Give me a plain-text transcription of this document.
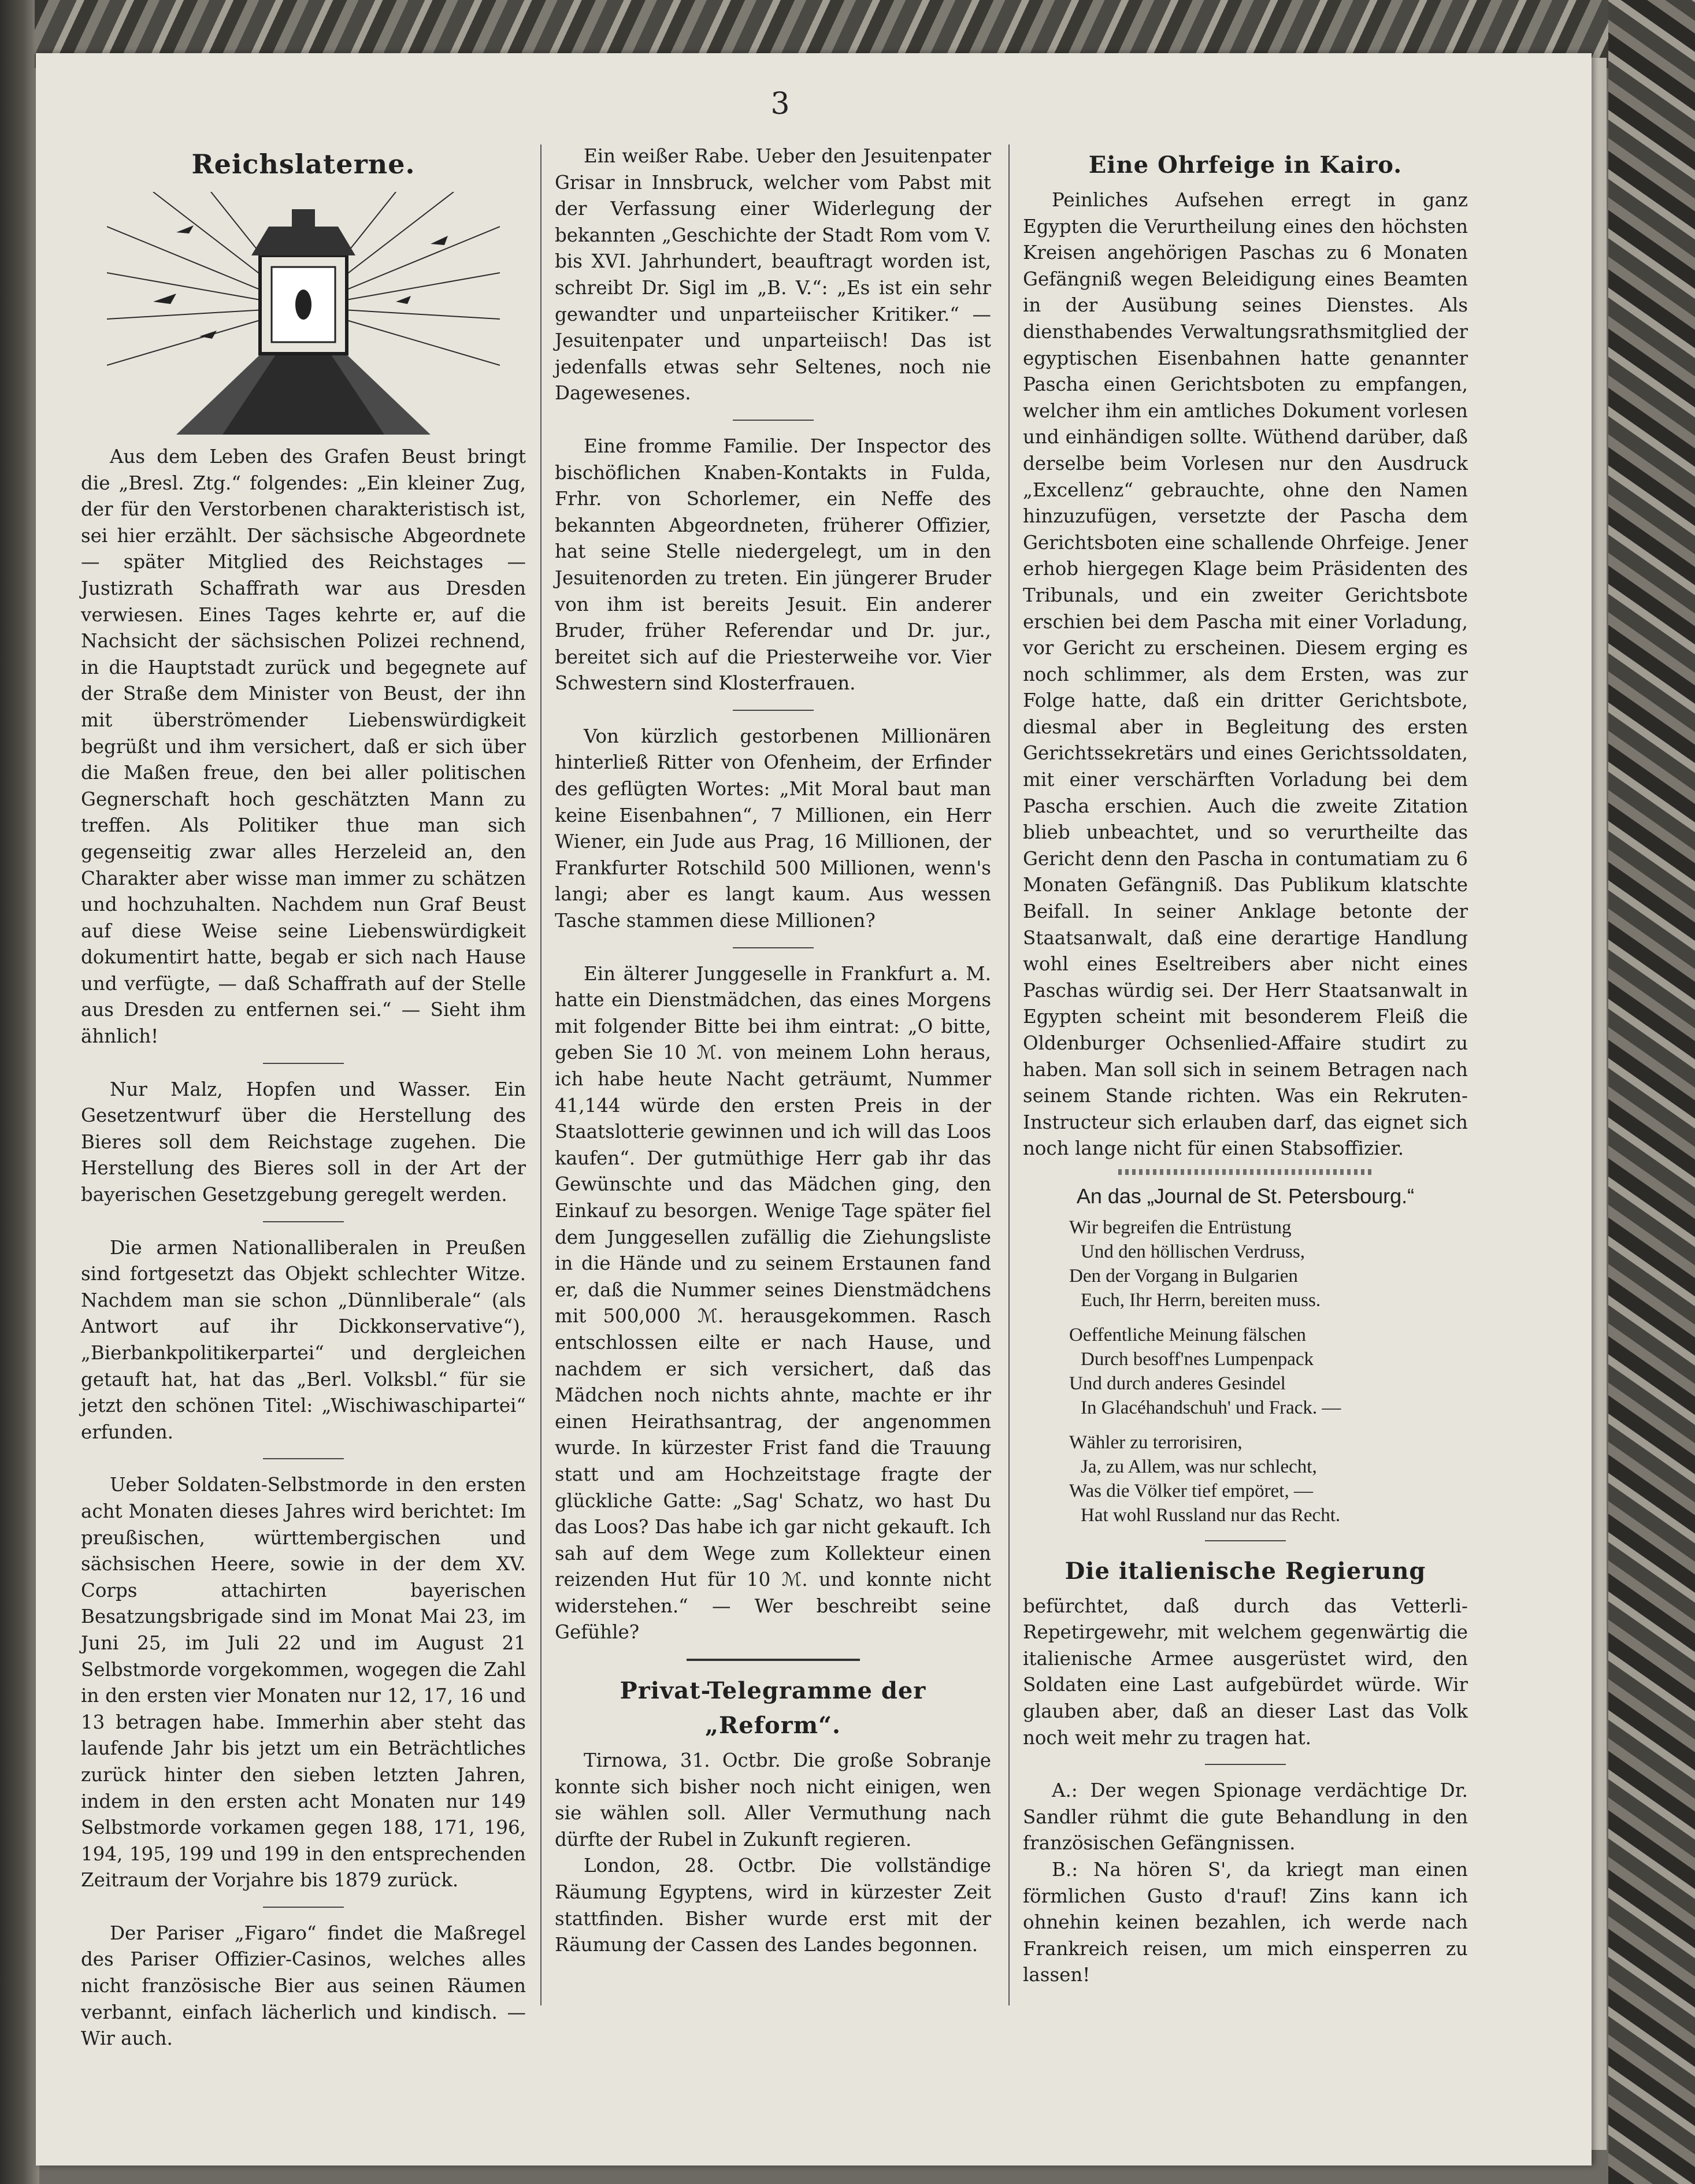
3
Reichslaterne.

Aus dem Leben des Grafen Beust bringt die „Bresl. Ztg.“ folgendes: „Ein kleiner Zug, der für den Verstorbenen charakteristisch ist, sei hier erzählt. Der sächsische Abgeordnete — später Mitglied des Reichstages — Justizrath Schaffrath war aus Dresden verwiesen. Eines Tages kehrte er, auf die Nachsicht der sächsischen Polizei rechnend, in die Hauptstadt zurück und begegnete auf der Straße dem Minister von Beust, der ihn mit überströmender Liebenswürdigkeit begrüßt und ihm versichert, daß er sich über die Maßen freue, den bei aller politischen Gegnerschaft hoch geschätzten Mann zu treffen. Als Politiker thue man sich gegenseitig zwar alles Herzeleid an, den Charakter aber wisse man immer zu schätzen und hochzuhalten. Nachdem nun Graf Beust auf diese Weise seine Liebenswürdigkeit dokumentirt hatte, begab er sich nach Hause und verfügte, — daß Schaffrath auf der Stelle aus Dresden zu entfernen sei.“ — Sieht ihm ähnlich!

Nur Malz, Hopfen und Wasser. Ein Gesetzentwurf über die Herstellung des Bieres soll dem Reichstage zugehen. Die Herstellung des Bieres soll in der Art der bayerischen Gesetzgebung geregelt werden.

Die armen Nationalliberalen in Preußen sind fortgesetzt das Objekt schlechter Witze. Nachdem man sie schon „Dünnliberale“ (als Antwort auf ihr Dickkonservative“), „Bierbankpolitikerpartei“ und dergleichen getauft hat, hat das „Berl. Volksbl.“ für sie jetzt den schönen Titel: „Wischiwaschipartei“ erfunden.

Ueber Soldaten-Selbstmorde in den ersten acht Monaten dieses Jahres wird berichtet: Im preußischen, württembergischen und sächsischen Heere, sowie in der dem XV. Corps attachirten bayerischen Besatzungsbrigade sind im Monat Mai 23, im Juni 25, im Juli 22 und im August 21 Selbstmorde vorgekommen, wogegen die Zahl in den ersten vier Monaten nur 12, 17, 16 und 13 betragen habe. Immerhin aber steht das laufende Jahr bis jetzt um ein Beträchtliches zurück hinter den sieben letzten Jahren, indem in den ersten acht Monaten nur 149 Selbstmorde vorkamen gegen 188, 171, 196, 194, 195, 199 und 199 in den entsprechenden Zeitraum der Vorjahre bis 1879 zurück.

Der Pariser „Figaro“ findet die Maßregel des Pariser Offizier-Casinos, welches alles nicht französische Bier aus seinen Räumen verbannt, einfach lächerlich und kindisch. — Wir auch.

Ein weißer Rabe. Ueber den Jesuitenpater Grisar in Innsbruck, welcher vom Pabst mit der Verfassung einer Widerlegung der bekannten „Geschichte der Stadt Rom vom V. bis XVI. Jahrhundert, beauftragt worden ist, schreibt Dr. Sigl im „B. V.“: „Es ist ein sehr gewandter und unparteiischer Kritiker.“ — Jesuitenpater und unparteiisch! Das ist jedenfalls etwas sehr Seltenes, noch nie Dagewesenes.

Eine fromme Familie. Der Inspector des bischöflichen Knaben-Kontakts in Fulda, Frhr. von Schorlemer, ein Neffe des bekannten Abgeordneten, früherer Offizier, hat seine Stelle niedergelegt, um in den Jesuitenorden zu treten. Ein jüngerer Bruder von ihm ist bereits Jesuit. Ein anderer Bruder, früher Referendar und Dr. jur., bereitet sich auf die Priesterweihe vor. Vier Schwestern sind Klosterfrauen.

Von kürzlich gestorbenen Millionären hinterließ Ritter von Ofenheim, der Erfinder des geflügten Wortes: „Mit Moral baut man keine Eisenbahnen“, 7 Millionen, ein Herr Wiener, ein Jude aus Prag, 16 Millionen, der Frankfurter Rotschild 500 Millionen, wenn's langi; aber es langt kaum. Aus wessen Tasche stammen diese Millionen?

Ein älterer Junggeselle in Frankfurt a. M. hatte ein Dienstmädchen, das eines Morgens mit folgender Bitte bei ihm eintrat: „O bitte, geben Sie 10 ℳ. von meinem Lohn heraus, ich habe heute Nacht geträumt, Nummer 41,144 würde den ersten Preis in der Staatslotterie gewinnen und ich will das Loos kaufen“. Der gutmüthige Herr gab ihr das Gewünschte und das Mädchen ging, den Einkauf zu besorgen. Wenige Tage später fiel dem Junggesellen zufällig die Ziehungsliste in die Hände und zu seinem Erstaunen fand er, daß die Nummer seines Dienstmädchens mit 500,000 ℳ. herausgekommen. Rasch entschlossen eilte er nach Hause, und nachdem er sich versichert, daß das Mädchen noch nichts ahnte, machte er ihr einen Heirathsantrag, der angenommen wurde. In kürzester Frist fand die Trauung statt und am Hochzeitstage fragte der glückliche Gatte: „Sag' Schatz, wo hast Du das Loos? Das habe ich gar nicht gekauft. Ich sah auf dem Wege zum Kollekteur einen reizenden Hut für 10 ℳ. und konnte nicht widerstehen.“ — Wer beschreibt seine Gefühle?

Privat-Telegramme der „Reform“.

Tirnowa, 31. Octbr. Die große Sobranje konnte sich bisher noch nicht einigen, wen sie wählen soll. Aller Vermuthung nach dürfte der Rubel in Zukunft regieren.

London, 28. Octbr. Die vollständige Räumung Egyptens, wird in kürzester Zeit stattfinden. Bisher wurde erst mit der Räumung der Cassen des Landes begonnen.

Eine Ohrfeige in Kairo.

Peinliches Aufsehen erregt in ganz Egypten die Verurtheilung eines den höchsten Kreisen angehörigen Paschas zu 6 Monaten Gefängniß wegen Beleidigung eines Beamten in der Ausübung seines Dienstes. Als diensthabendes Verwaltungsrathsmitglied der egyptischen Eisenbahnen hatte genannter Pascha einen Gerichtsboten zu empfangen, welcher ihm ein amtliches Dokument vorlesen und einhändigen sollte. Wüthend darüber, daß derselbe beim Vorlesen nur den Ausdruck „Excellenz“ gebrauchte, ohne den Namen hinzuzufügen, versetzte der Pascha dem Gerichtsboten eine schallende Ohrfeige. Jener erhob hiergegen Klage beim Präsidenten des Tribunals, und ein zweiter Gerichtsbote erschien bei dem Pascha mit einer Vorladung, vor Gericht zu erscheinen. Diesem erging es noch schlimmer, als dem Ersten, was zur Folge hatte, daß ein dritter Gerichtsbote, diesmal aber in Begleitung des ersten Gerichtssekretärs und eines Gerichtssoldaten, mit einer verschärften Vorladung bei dem Pascha erschien. Auch die zweite Zitation blieb unbeachtet, und so verurtheilte das Gericht denn den Pascha in contumatiam zu 6 Monaten Gefängniß. Das Publikum klatschte Beifall. In seiner Anklage betonte der Staatsanwalt, daß eine derartige Handlung wohl eines Eseltreibers aber nicht eines Paschas würdig sei. Der Herr Staatsanwalt in Egypten scheint mit besonderem Fleiß die Oldenburger Ochsenlied-Affaire studirt zu haben. Man soll sich in seinem Betragen nach seinem Stande richten. Was ein Rekruten-Instructeur sich erlauben darf, das eignet sich noch lange nicht für einen Stabsoffizier.

An das „Journal de St. Petersbourg.“
Wir begreifen die Entrüstung
Und den höllischen Verdruss,
Den der Vorgang in Bulgarien
Euch, Ihr Herrn, bereiten muss.
Oeffentliche Meinung fälschen
Durch besoff'nes Lumpenpack
Und durch anderes Gesindel
In Glacéhandschuh' und Frack. —
Wähler zu terrorisiren,
Ja, zu Allem, was nur schlecht,
Was die Völker tief empöret, —
Hat wohl Russland nur das Recht.
Die italienische Regierung

befürchtet, daß durch das Vetterli-Repetirgewehr, mit welchem gegenwärtig die italienische Armee ausgerüstet wird, den Soldaten eine Last aufgebürdet würde. Wir glauben aber, daß an dieser Last das Volk noch weit mehr zu tragen hat.

A.: Der wegen Spionage verdächtige Dr. Sandler rühmt die gute Behandlung in den französischen Gefängnissen.

B.: Na hören S', da kriegt man einen förmlichen Gusto d'rauf! Zins kann ich ohnehin keinen bezahlen, ich werde nach Frankreich reisen, um mich einsperren zu lassen!
